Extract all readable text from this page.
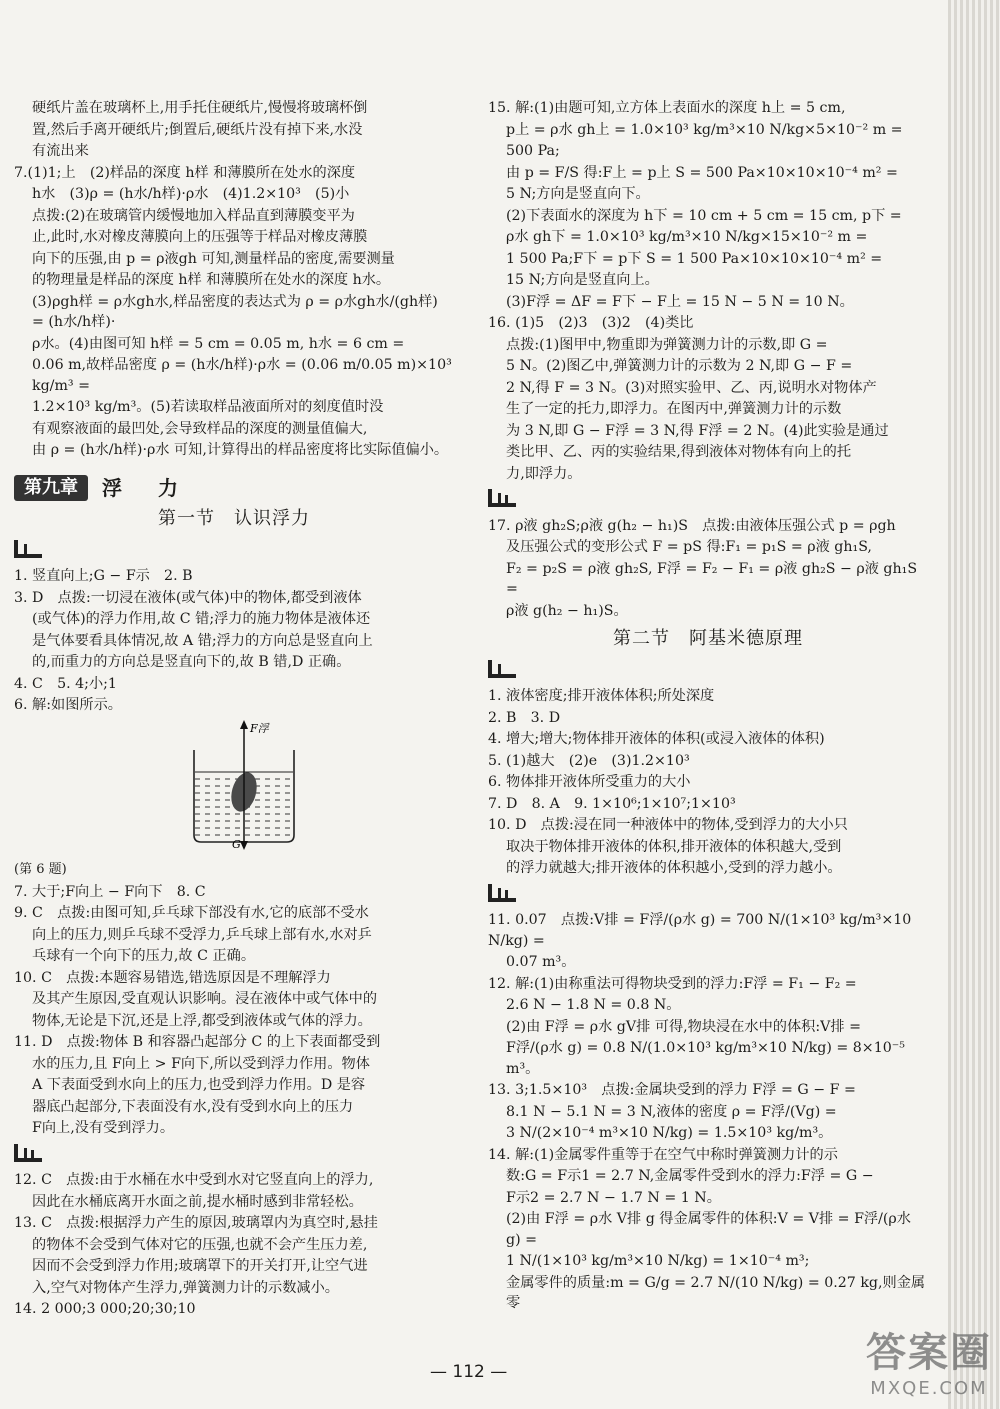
硬纸片盖在玻璃杯上,用手托住硬纸片,慢慢将玻璃杯倒

置,然后手离开硬纸片;倒置后,硬纸片没有掉下来,水没

有流出来

7.(1)1;上　(2)样品的深度 h样 和薄膜所在处水的深度

h水　(3)ρ = (h水/h样)·ρ水　(4)1.2×10³　(5)小

点拨:(2)在玻璃管内缓慢地加入样品直到薄膜变平为

止,此时,水对橡皮薄膜向上的压强等于样品对橡皮薄膜

向下的压强,由 p = ρ液gh 可知,测量样品的密度,需要测量

的物理量是样品的深度 h样 和薄膜所在处水的深度 h水。

(3)ρgh样 = ρ水gh水,样品密度的表达式为 ρ = ρ水gh水/(gh样) = (h水/h样)·

ρ水。(4)由图可知 h样 = 5 cm = 0.05 m, h水 = 6 cm =

0.06 m,故样品密度 ρ = (h水/h样)·ρ水 = (0.06 m/0.05 m)×10³ kg/m³ =

1.2×10³ kg/m³。(5)若读取样品液面所对的刻度值时没

有观察液面的最凹处,会导致样品的深度的测量值偏大,

由 ρ = (h水/h样)·ρ水 可知,计算得出的样品密度将比实际值偏小。

第九章	浮　力
第一节　认识浮力

1. 竖直向上;G − F示　2. B

3. D　点拨:一切浸在液体(或气体)中的物体,都受到液体

(或气体)的浮力作用,故 C 错;浮力的施力物体是液体还

是气体要看具体情况,故 A 错;浮力的方向总是竖直向上

的,而重力的方向总是竖直向下的,故 B 错,D 正确。

4. C　5. 4;小;1

6. 解:如图所示。

F浮
G

(第 6 题)

7. 大于;F向上 − F向下　8. C

9. C　点拨:由图可知,乒乓球下部没有水,它的底部不受水

向上的压力,则乒乓球不受浮力,乒乓球上部有水,水对乒

乓球有一个向下的压力,故 C 正确。

10. C　点拨:本题容易错选,错选原因是不理解浮力

及其产生原因,受直观认识影响。浸在液体中或气体中的

物体,无论是下沉,还是上浮,都受到液体或气体的浮力。

11. D　点拨:物体 B 和容器凸起部分 C 的上下表面都受到

水的压力,且 F向上 > F向下,所以受到浮力作用。物体

A 下表面受到水向上的压力,也受到浮力作用。D 是容

器底凸起部分,下表面没有水,没有受到水向上的压力

F向上,没有受到浮力。

12. C　点拨:由于水桶在水中受到水对它竖直向上的浮力,

因此在水桶底离开水面之前,提水桶时感到非常轻松。

13. C　点拨:根据浮力产生的原因,玻璃罩内为真空时,悬挂

的物体不会受到气体对它的压强,也就不会产生压力差,

因而不会受到浮力作用;玻璃罩下的开关打开,让空气进

入,空气对物体产生浮力,弹簧测力计的示数减小。

14. 2 000;3 000;20;30;10

15. 解:(1)由题可知,立方体上表面水的深度 h上 = 5 cm,

p上 = ρ水 gh上 = 1.0×10³ kg/m³×10 N/kg×5×10⁻² m =

500 Pa;

由 p = F/S 得:F上 = p上 S = 500 Pa×10×10×10⁻⁴ m² =

5 N;方向是竖直向下。

(2)下表面水的深度为 h下 = 10 cm + 5 cm = 15 cm, p下 =

ρ水 gh下 = 1.0×10³ kg/m³×10 N/kg×15×10⁻² m =

1 500 Pa;F下 = p下 S = 1 500 Pa×10×10×10⁻⁴ m² =

15 N;方向是竖直向上。

(3)F浮 = ΔF = F下 − F上 = 15 N − 5 N = 10 N。

16. (1)5　(2)3　(3)2　(4)类比

点拨:(1)图甲中,物重即为弹簧测力计的示数,即 G =

5 N。(2)图乙中,弹簧测力计的示数为 2 N,即 G − F =

2 N,得 F = 3 N。(3)对照实验甲、乙、丙,说明水对物体产

生了一定的托力,即浮力。在图丙中,弹簧测力计的示数

为 3 N,即 G − F浮 = 3 N,得 F浮 = 2 N。(4)此实验是通过

类比甲、乙、丙的实验结果,得到液体对物体有向上的托

力,即浮力。

17. ρ液 gh₂S;ρ液 g(h₂ − h₁)S　点拨:由液体压强公式 p = ρgh

及压强公式的变形公式 F = pS 得:F₁ = p₁S = ρ液 gh₁S,

F₂ = p₂S = ρ液 gh₂S, F浮 = F₂ − F₁ = ρ液 gh₂S − ρ液 gh₁S =

ρ液 g(h₂ − h₁)S。

第二节　阿基米德原理

1. 液体密度;排开液体体积;所处深度

2. B　3. D

4. 增大;增大;物体排开液体的体积(或浸入液体的体积)

5. (1)越大　(2)e　(3)1.2×10³

6. 物体排开液体所受重力的大小

7. D　8. A　9. 1×10⁶;1×10⁷;1×10³

10. D　点拨:浸在同一种液体中的物体,受到浮力的大小只

取决于物体排开液体的体积,排开液体的体积越大,受到

的浮力就越大;排开液体的体积越小,受到的浮力越小。

11. 0.07　点拨:V排 = F浮/(ρ水 g) = 700 N/(1×10³ kg/m³×10 N/kg) =

0.07 m³。

12. 解:(1)由称重法可得物块受到的浮力:F浮 = F₁ − F₂ =

2.6 N − 1.8 N = 0.8 N。

(2)由 F浮 = ρ水 gV排 可得,物块浸在水中的体积:V排 =

F浮/(ρ水 g) = 0.8 N/(1.0×10³ kg/m³×10 N/kg) = 8×10⁻⁵ m³。

13. 3;1.5×10³　点拨:金属块受到的浮力 F浮 = G − F =

8.1 N − 5.1 N = 3 N,液体的密度 ρ = F浮/(Vg) =

3 N/(2×10⁻⁴ m³×10 N/kg) = 1.5×10³ kg/m³。

14. 解:(1)金属零件重等于在空气中称时弹簧测力计的示

数:G = F示1 = 2.7 N,金属零件受到水的浮力:F浮 = G −

F示2 = 2.7 N − 1.7 N = 1 N。

(2)由 F浮 = ρ水 V排 g 得金属零件的体积:V = V排 = F浮/(ρ水 g) =

1 N/(1×10³ kg/m³×10 N/kg) = 1×10⁻⁴ m³;

金属零件的质量:m = G/g = 2.7 N/(10 N/kg) = 0.27 kg,则金属零

— 112 —	答案圈
MXQE.COM
